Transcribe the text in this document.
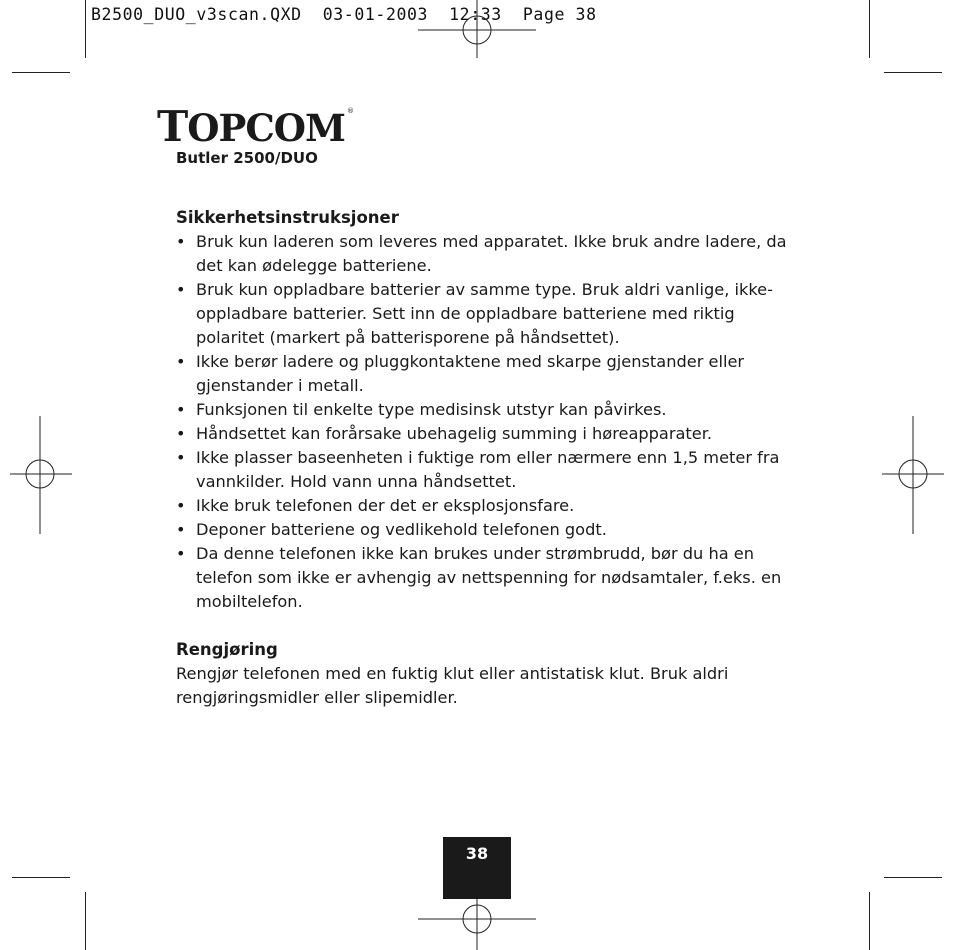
B2500_DUO_v3scan.QXD  03-01-2003  12:33  Page 38
TOPCOM ®
Butler 2500/DUO
Sikkerhetsinstruksjoner
• Bruk kun laderen som leveres med apparatet. Ikke bruk andre ladere, da det kan ødelegge batteriene.
• Bruk kun oppladbare batterier av samme type. Bruk aldri vanlige, ikke-oppladbare batterier. Sett inn de oppladbare batteriene med riktig polaritet (markert på batterisporene på håndsettet).
• Ikke berør ladere og pluggkontaktene med skarpe gjenstander eller gjenstander i metall.
• Funksjonen til enkelte type medisinsk utstyr kan påvirkes.
• Håndsettet kan forårsake ubehagelig summing i høreapparater.
• Ikke plasser baseenheten i fuktige rom eller nærmere enn 1,5 meter fra vannkilder. Hold vann unna håndsettet.
• Ikke bruk telefonen der det er eksplosjonsfare.
• Deponer batteriene og vedlikehold telefonen godt.
• Da denne telefonen ikke kan brukes under strømbrudd, bør du ha en telefon som ikke er avhengig av nettspenning for nødsamtaler, f.eks. en mobiltelefon.
Rengjøring

Rengjør telefonen med en fuktig klut eller antistatisk klut. Bruk aldri rengjøringsmidler eller slipemidler.

38
